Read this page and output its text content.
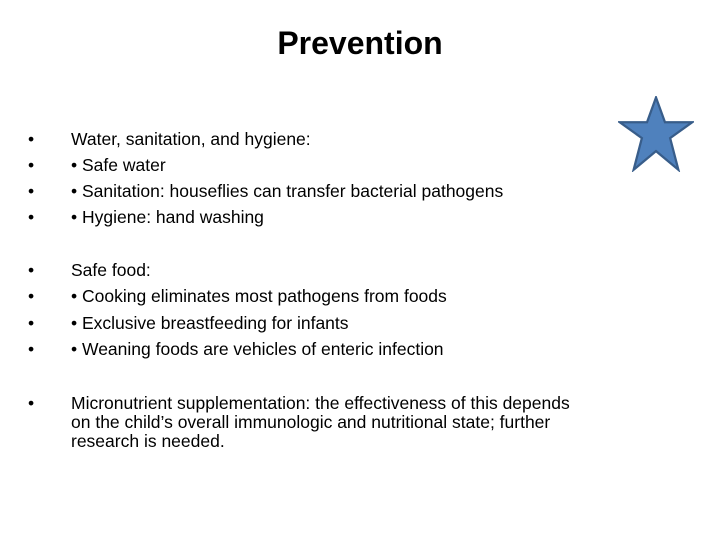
Prevention
•	Water, sanitation, and hygiene:
•	• Safe water
•	• Sanitation: houseflies can transfer bacterial pathogens
•	• Hygiene: hand washing
•	Safe food:
•	• Cooking eliminates most pathogens from foods
•	• Exclusive breastfeeding for infants
•	• Weaning foods are vehicles of enteric infection
•	Micronutrient supplementation: the effectiveness of this depends
on the child’s overall immunologic and nutritional state; further
research is needed.
